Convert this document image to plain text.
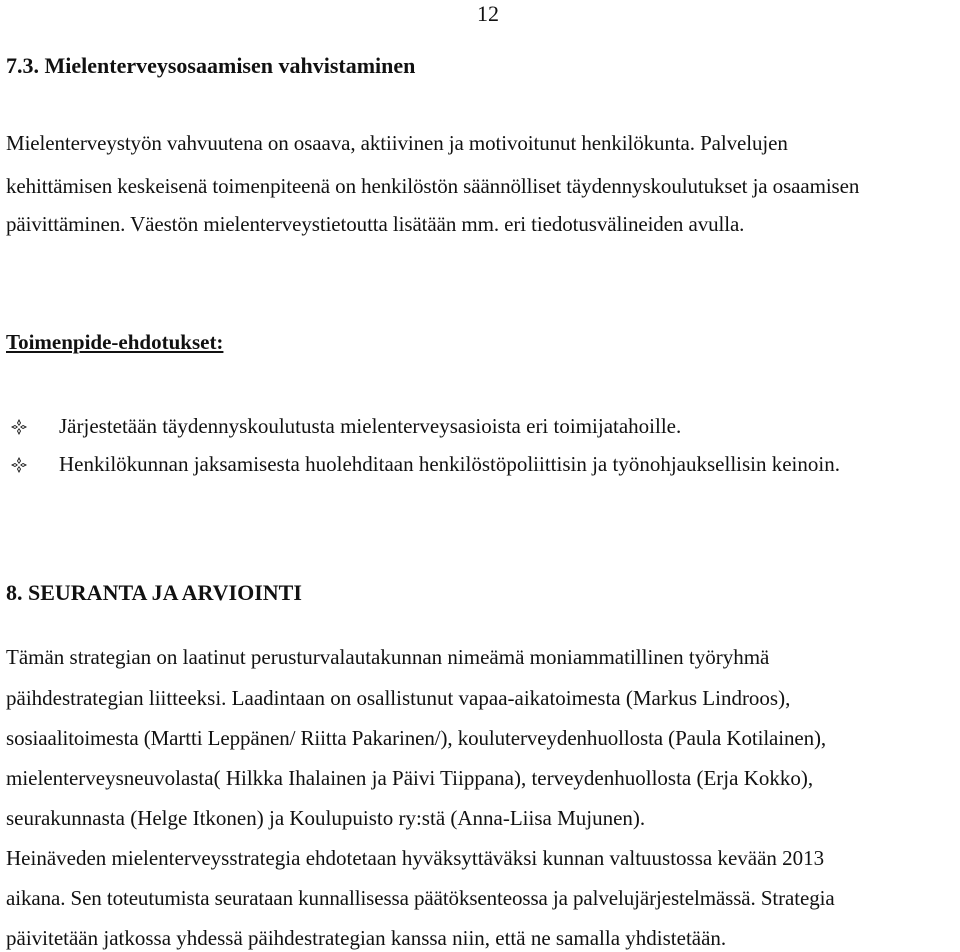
12
7.3. Mielenterveysosaamisen vahvistaminen
Mielenterveystyön vahvuutena on osaava, aktiivinen ja motivoitunut henkilökunta. Palvelujen
kehittämisen keskeisenä toimenpiteenä on henkilöstön säännölliset täydennyskoulutukset ja osaamisen
päivittäminen. Väestön mielenterveystietoutta lisätään mm. eri tiedotusvälineiden avulla.
Toimenpide-ehdotukset:
Järjestetään täydennyskoulutusta mielenterveysasioista eri toimijatahoille.
Henkilökunnan jaksamisesta huolehditaan henkilöstöpoliittisin ja työnohjauksellisin keinoin.
8. SEURANTA JA ARVIOINTI
Tämän strategian on laatinut perusturvalautakunnan nimeämä moniammatillinen työryhmä
päihdestrategian liitteeksi. Laadintaan on osallistunut vapaa-aikatoimesta (Markus Lindroos),
sosiaalitoimesta (Martti Leppänen/ Riitta Pakarinen/), kouluterveydenhuollosta (Paula Kotilainen),
mielenterveysneuvolasta( Hilkka Ihalainen ja Päivi Tiippana), terveydenhuollosta (Erja Kokko),
seurakunnasta (Helge Itkonen) ja Koulupuisto ry:stä (Anna-Liisa Mujunen).
Heinäveden mielenterveysstrategia ehdotetaan hyväksyttäväksi kunnan valtuustossa kevään 2013
aikana. Sen toteutumista seurataan kunnallisessa päätöksenteossa ja palvelujärjestelmässä. Strategia
päivitetään jatkossa yhdessä päihdestrategian kanssa niin, että ne samalla yhdistetään.
